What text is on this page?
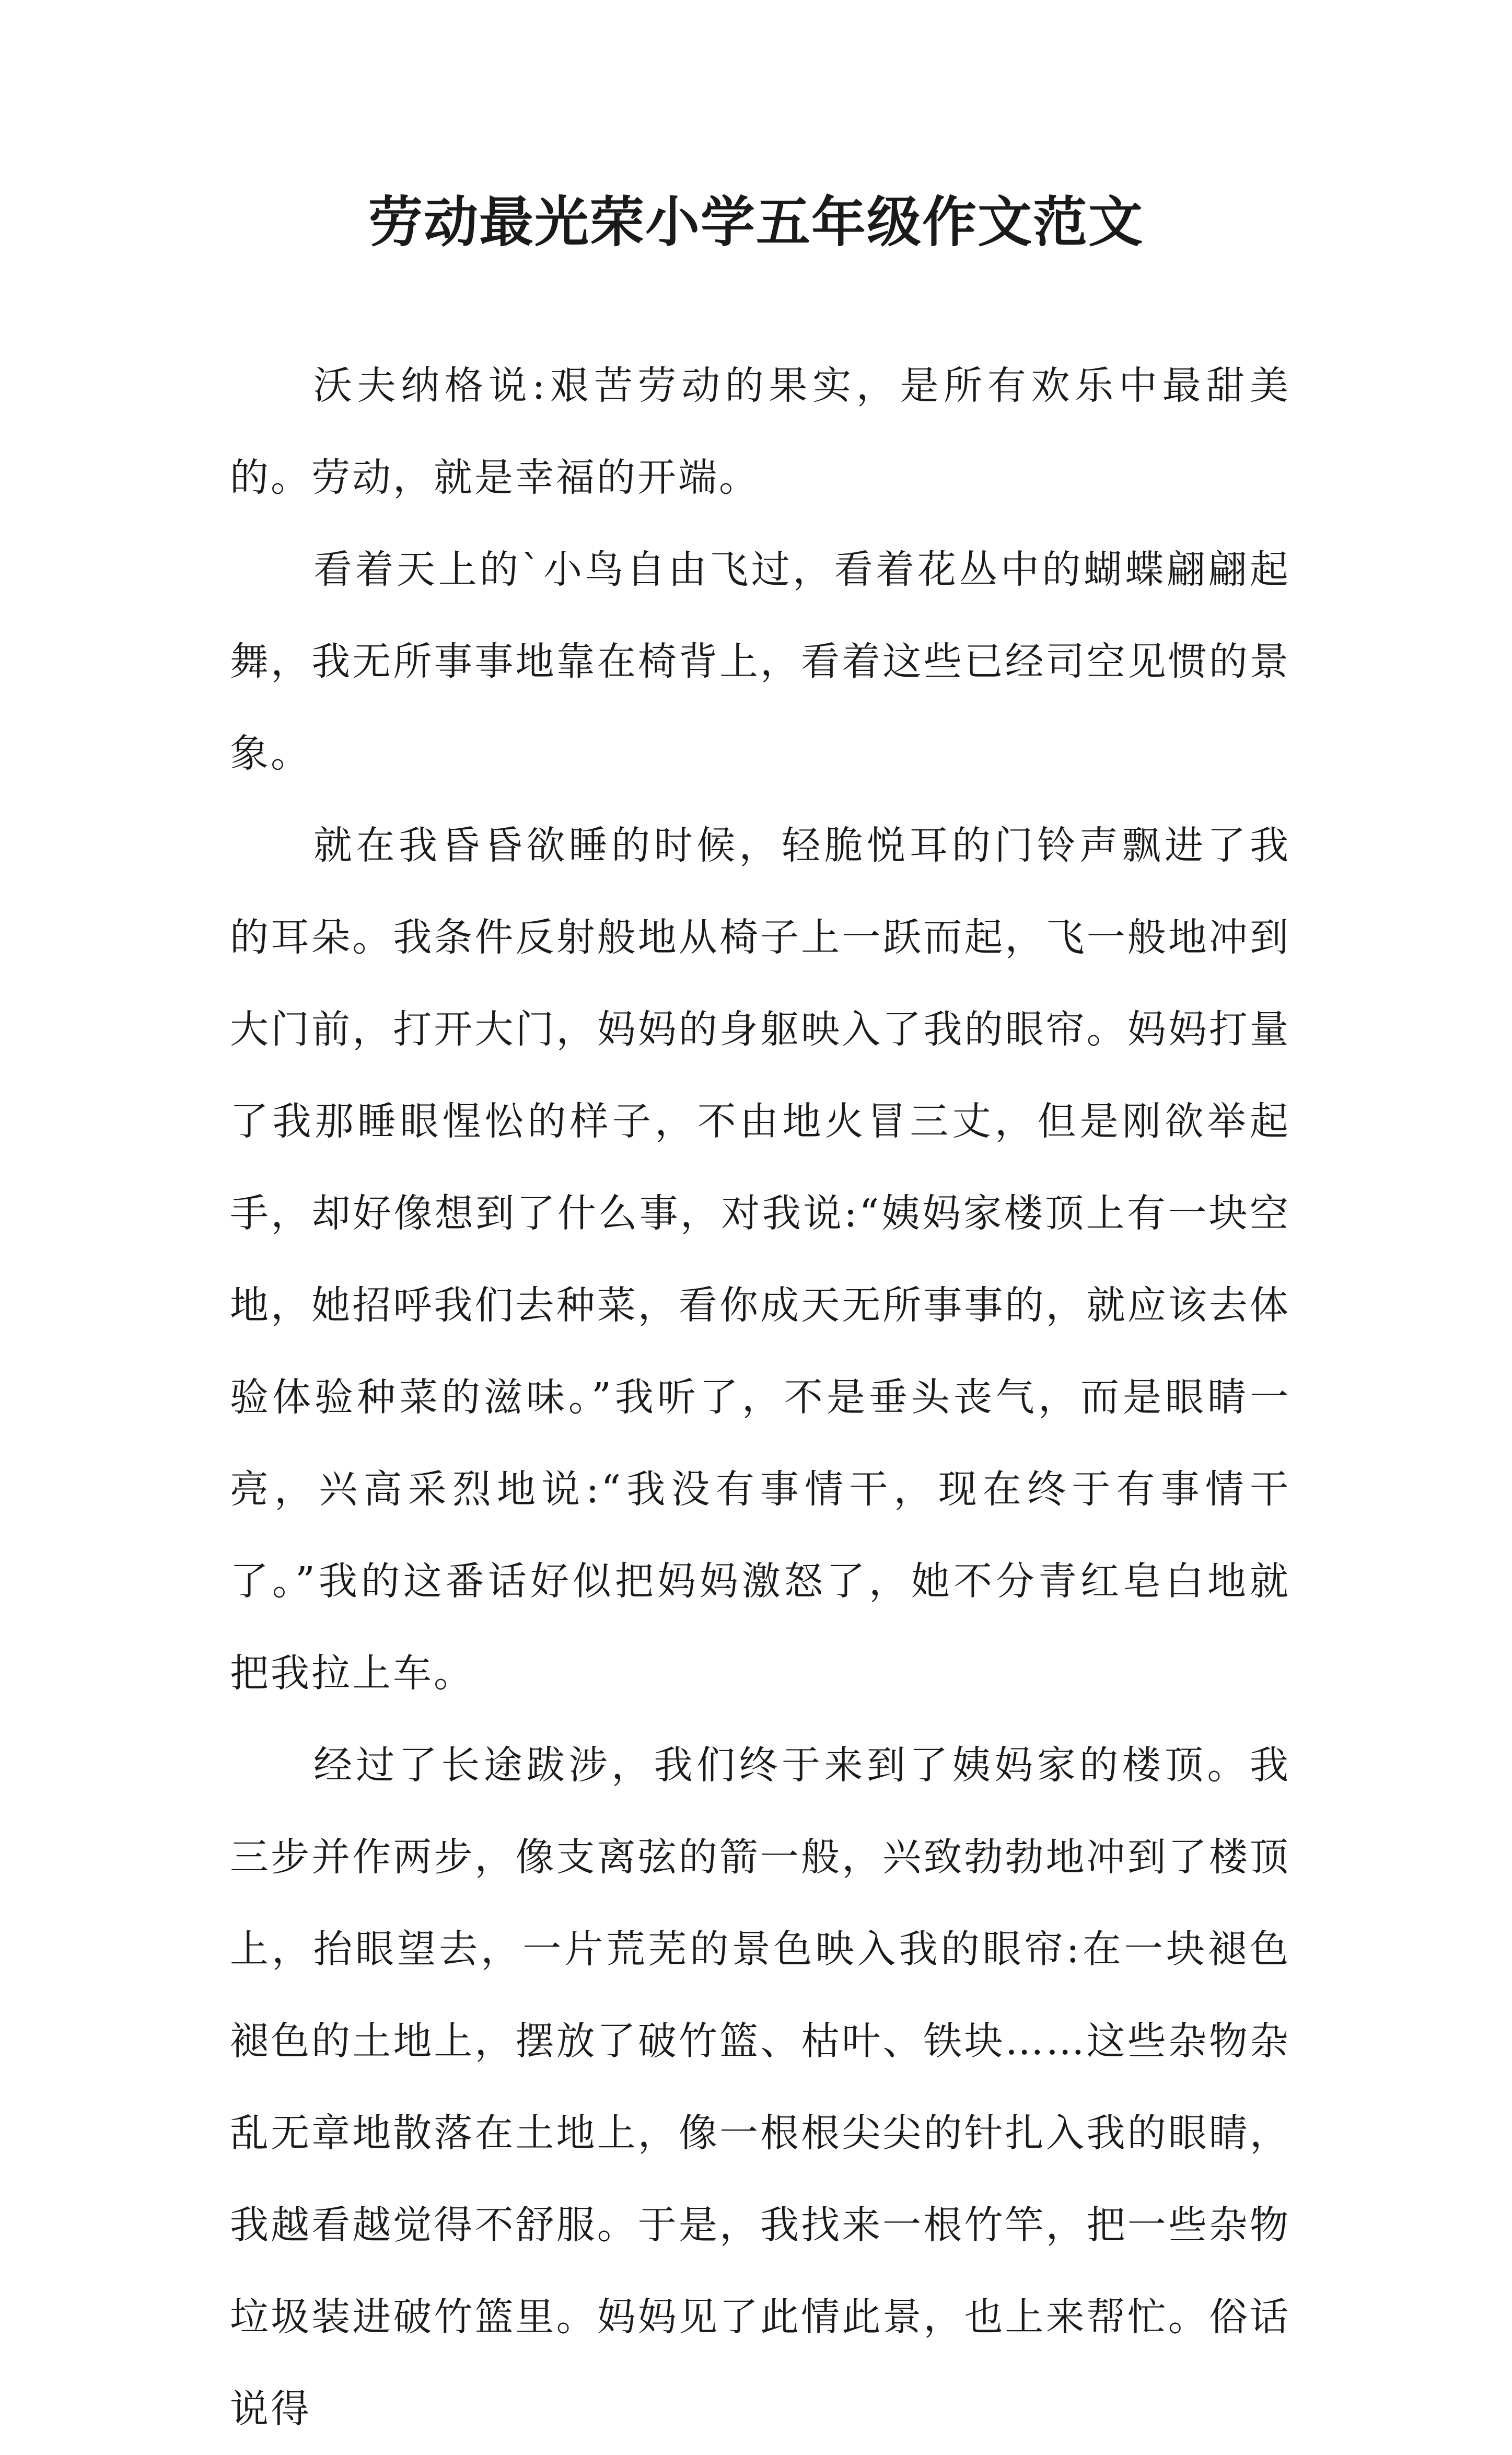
劳动最光荣小学五年级作文范文

沃夫纳格说:艰苦劳动的果实，是所有欢乐中最甜美的。劳动，就是幸福的开端。

看着天上的`小鸟自由飞过，看着花丛中的蝴蝶翩翩起舞，我无所事事地靠在椅背上，看着这些已经司空见惯的景象。

就在我昏昏欲睡的时候，轻脆悦耳的门铃声飘进了我的耳朵。我条件反射般地从椅子上一跃而起，飞一般地冲到大门前，打开大门，妈妈的身躯映入了我的眼帘。妈妈打量了我那睡眼惺忪的样子，不由地火冒三丈，但是刚欲举起手，却好像想到了什么事，对我说:“姨妈家楼顶上有一块空地，她招呼我们去种菜，看你成天无所事事的，就应该去体验体验种菜的滋味。”我听了，不是垂头丧气，而是眼睛一亮，兴高采烈地说:“我没有事情干，现在终于有事情干了。”我的这番话好似把妈妈激怒了，她不分青红皂白地就把我拉上车。

经过了长途跋涉，我们终于来到了姨妈家的楼顶。我三步并作两步，像支离弦的箭一般，兴致勃勃地冲到了楼顶上，抬眼望去，一片荒芜的景色映入我的眼帘:在一块褪色褪色的土地上，摆放了破竹篮、枯叶、铁块……这些杂物杂乱无章地散落在土地上，像一根根尖尖的针扎入我的眼睛，我越看越觉得不舒服。于是，我找来一根竹竿，把一些杂物垃圾装进破竹篮里。妈妈见了此情此景，也上来帮忙。俗话说得
